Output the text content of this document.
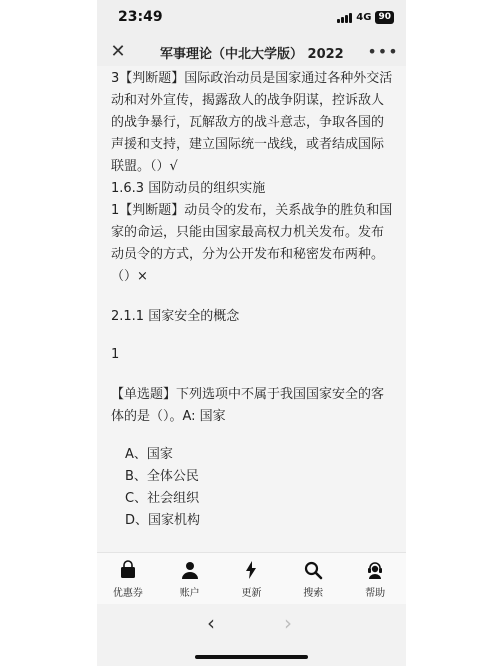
23:49	4G 90
✕	军事理论（中北大学版） 2022	•••
3【判断题】国际政治动员是国家通过各种外交活动和对外宣传，揭露敌人的战争阴谋，控诉敌人的战争暴行，瓦解敌方的战斗意志，争取各国的声援和支持，建立国际统一战线，或者结成国际联盟。（）√
1.6.3 国防动员的组织实施
1【判断题】动员令的发布，关系战争的胜负和国家的命运，只能由国家最高权力机关发布。发布动员令的方式，分为公开发布和秘密发布两种。（）×
2.1.1 国家安全的概念
1
【单选题】下列选项中不属于我国国家安全的客体的是（）。A: 国家
A、国家
B、全体公民
C、社会组织
D、国家机构
优惠券	账户	更新	搜索	帮助
‹	›
